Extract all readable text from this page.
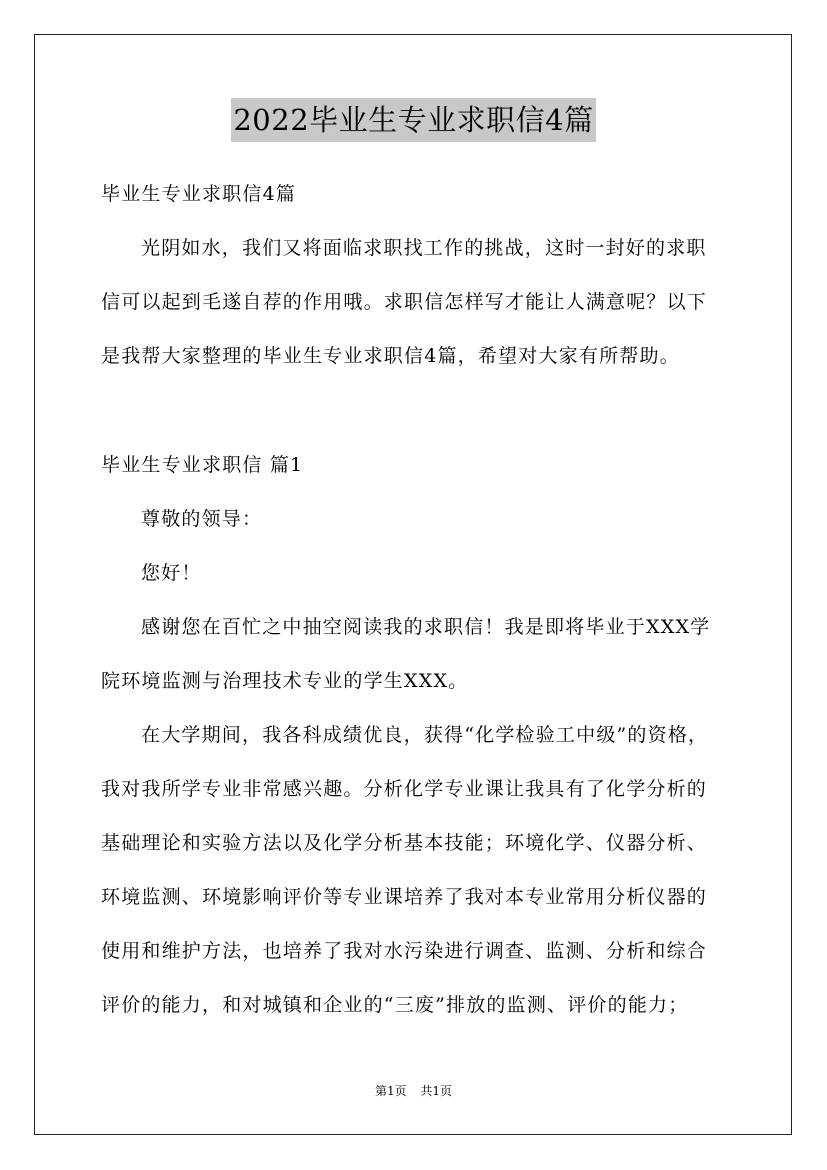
2022毕业生专业求职信4篇
毕业生专业求职信4篇
光阴如水，我们又将面临求职找工作的挑战，这时一封好的求职
信可以起到毛遂自荐的作用哦。求职信怎样写才能让人满意呢？以下
是我帮大家整理的毕业生专业求职信4篇，希望对大家有所帮助。
毕业生专业求职信 篇1
尊敬的领导：
您好！
感谢您在百忙之中抽空阅读我的求职信！我是即将毕业于XXX学
院环境监测与治理技术专业的学生XXX。
在大学期间，我各科成绩优良，获得“化学检验工中级”的资格，
我对我所学专业非常感兴趣。分析化学专业课让我具有了化学分析的
基础理论和实验方法以及化学分析基本技能；环境化学、仪器分析、
环境监测、环境影响评价等专业课培养了我对本专业常用分析仪器的
使用和维护方法，也培养了我对水污染进行调查、监测、分析和综合
评价的能力，和对城镇和企业的“三废”排放的监测、评价的能力；
第1页 共1页
